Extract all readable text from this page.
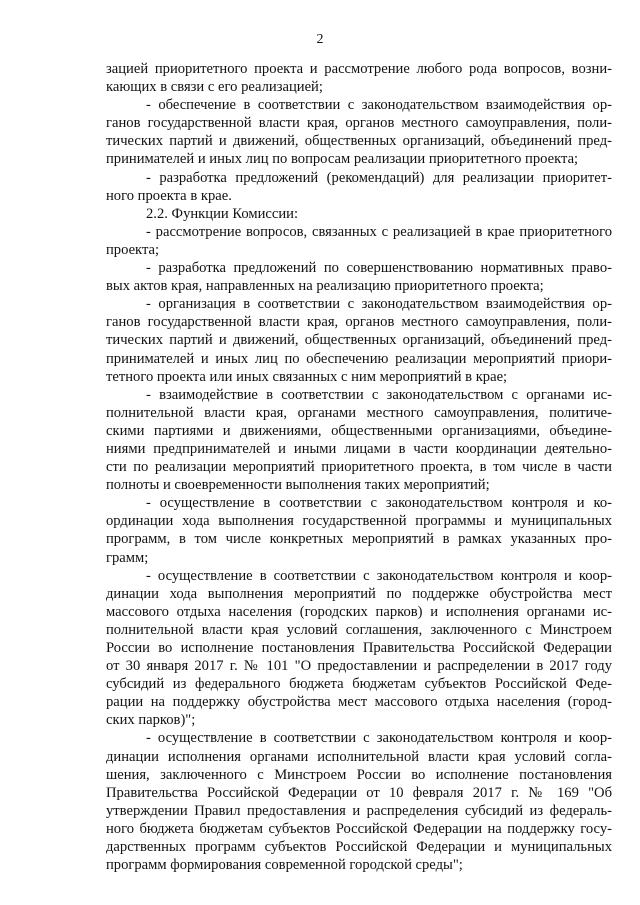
2
зацией приоритетного проекта и рассмотрение любого рода вопросов, возни-
кающих в связи с его реализацией;
- обеспечение в соответствии с законодательством взаимодействия ор-
ганов государственной власти края, органов местного самоуправления, поли-
тических партий и движений, общественных организаций, объединений пред-
принимателей и иных лиц по вопросам реализации приоритетного проекта;
- разработка предложений (рекомендаций) для реализации приоритет-
ного проекта в крае.
2.2. Функции Комиссии:
- рассмотрение вопросов, связанных с реализацией в крае приоритетного
проекта;
- разработка предложений по совершенствованию нормативных право-
вых актов края, направленных на реализацию приоритетного проекта;
- организация в соответствии с законодательством взаимодействия ор-
ганов государственной власти края, органов местного самоуправления, поли-
тических партий и движений, общественных организаций, объединений пред-
принимателей и иных лиц по обеспечению реализации мероприятий приори-
тетного проекта или иных связанных с ним мероприятий в крае;
- взаимодействие в соответствии с законодательством с органами ис-
полнительной власти края, органами местного самоуправления, политиче-
скими партиями и движениями, общественными организациями, объедине-
ниями предпринимателей и иными лицами в части координации деятельно-
сти по реализации мероприятий приоритетного проекта, в том числе в части
полноты и своевременности выполнения таких мероприятий;
- осуществление в соответствии с законодательством контроля и ко-
ординации хода выполнения государственной программы и муниципальных
программ, в том числе конкретных мероприятий в рамках указанных про-
грамм;
- осуществление в соответствии с законодательством контроля и коор-
динации хода выполнения мероприятий по поддержке обустройства мест
массового отдыха населения (городских парков) и исполнения органами ис-
полнительной власти края условий соглашения, заключенного с Минстроем
России во исполнение постановления Правительства Российской Федерации
от 30 января 2017 г. № 101 "О предоставлении и распределении в 2017 году
субсидий из федерального бюджета бюджетам субъектов Российской Феде-
рации на поддержку обустройства мест массового отдыха населения (город-
ских парков)";
- осуществление в соответствии с законодательством контроля и коор-
динации исполнения органами исполнительной власти края условий согла-
шения, заключенного с Минстроем России во исполнение постановления
Правительства Российской Федерации от 10 февраля 2017 г. № 169 "Об
утверждении Правил предоставления и распределения субсидий из федераль-
ного бюджета бюджетам субъектов Российской Федерации на поддержку госу-
дарственных программ субъектов Российской Федерации и муниципальных
программ формирования современной городской среды";
